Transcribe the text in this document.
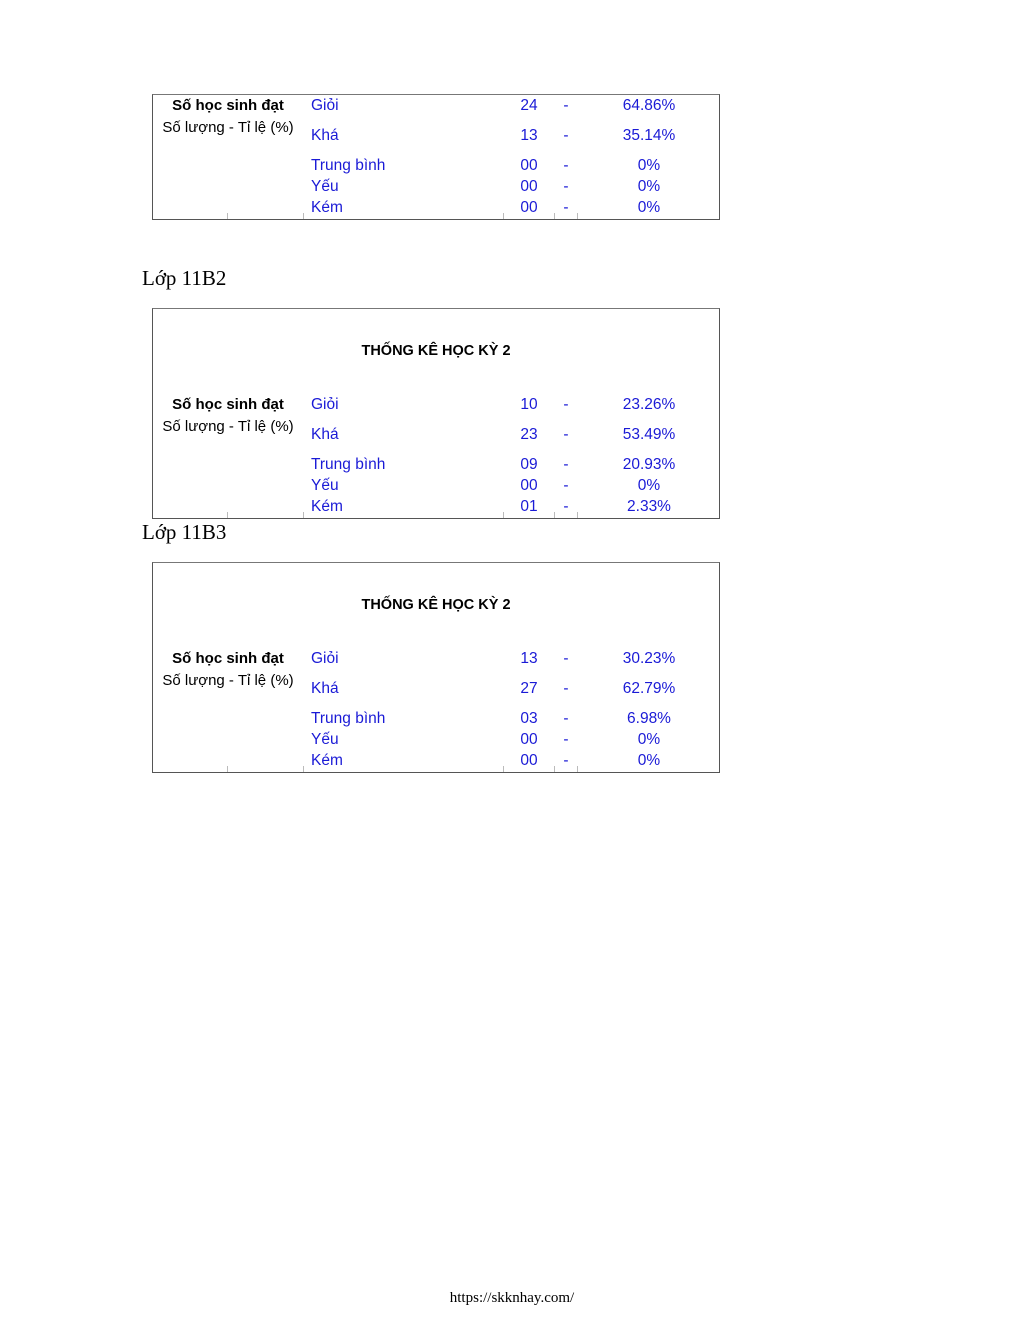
Số học sinh đạt
Số lượng - Tỉ lệ (%)
Giỏi	24	-	64.86%
Khá	13	-	35.14%
Trung bình	00	-	0%
Yếu	00	-	0%
Kém	00	-	0%
Lớp 11B2
THỐNG KÊ HỌC KỲ 2
Số học sinh đạt
Số lượng - Tỉ lệ (%)
Giỏi	10	-	23.26%
Khá	23	-	53.49%
Trung bình	09	-	20.93%
Yếu	00	-	0%
Kém	01	-	2.33%
Lớp 11B3
THỐNG KÊ HỌC KỲ 2
Số học sinh đạt
Số lượng - Tỉ lệ (%)
Giỏi	13	-	30.23%
Khá	27	-	62.79%
Trung bình	03	-	6.98%
Yếu	00	-	0%
Kém	00	-	0%
https://skknhay.com/
